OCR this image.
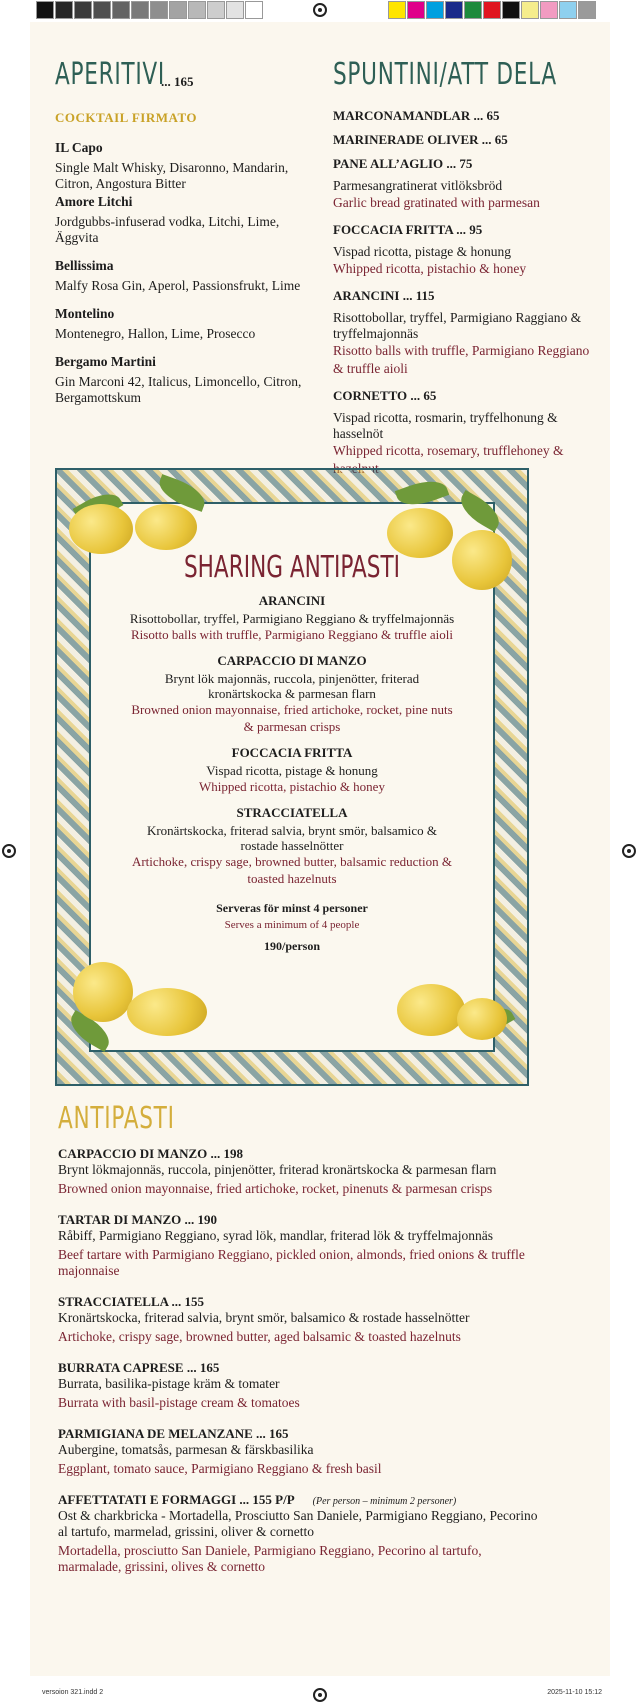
APERITIVI
... 165
COCKTAIL FIRMATO
IL Capo
Single Malt Whisky, Disaronno, Mandarin, Citron, Angostura Bitter
Amore Litchi
Jordgubbs-infuserad vodka, Litchi, Lime, Äggvita
Bellissima
Malfy Rosa Gin, Aperol, Passionsfrukt, Lime
Montelino
Montenegro, Hallon, Lime, Prosecco
Bergamo Martini
Gin Marconi 42, Italicus, Limoncello, Citron, Bergamottskum
SPUNTINI/ATT DELA
MARCONAMANDLAR ... 65
MARINERADE OLIVER ... 65
PANE ALL’AGLIO ... 75
Parmesangratinerat vitlöksbröd
Garlic bread gratinated with parmesan
FOCCACIA FRITTA ... 95
Vispad ricotta, pistage & honung
Whipped ricotta, pistachio & honey
ARANCINI ... 115
Risottobollar, tryffel, Parmigiano Raggiano & tryffelmajonnäs
Risotto balls with truffle, Parmigiano Reggiano & truffle aioli
CORNETTO ... 65
Vispad ricotta, rosmarin, tryffelhonung & hasselnöt
Whipped ricotta, rosemary, trufflehoney &
SHARING ANTIPASTI
ARANCINI
Risottobollar, tryffel, Parmigiano Reggiano & tryffelmajonnäs
Risotto balls with truffle, Parmigiano Reggiano & truffle aioli
CARPACCIO DI MANZO
Brynt lök majonnäs, ruccola, pinjenötter, friterad kronärtskocka & parmesan flarn
Browned onion mayonnaise, fried artichoke, rocket, pine nuts & parmesan crisps
FOCCACIA FRITTA
Vispad ricotta, pistage & honung
Whipped ricotta, pistachio & honey
STRACCIATELLA
Kronärtskocka, friterad salvia, brynt smör, balsamico & rostade hasselnötter
Artichoke, crispy sage, browned butter, balsamic reduction & toasted hazelnuts
Serveras för minst 4 personer
Serves a minimum of 4 people
190/person
ANTIPASTI
CARPACCIO DI MANZO ... 198
Brynt lökmajonnäs, ruccola, pinjenötter, friterad kronärtskocka & parmesan flarn
Browned onion mayonnaise, fried artichoke, rocket, pinenuts & parmesan crisps
TARTAR DI MANZO ... 190
Råbiff, Parmigiano Reggiano, syrad lök, mandlar, friterad lök & tryffelmajonnäs
Beef tartare with Parmigiano Reggiano, pickled onion, almonds, fried onions & truffle majonnaise
STRACCIATELLA ... 155
Kronärtskocka, friterad salvia, brynt smör, balsamico & rostade hasselnötter
Artichoke, crispy sage, browned butter, aged balsamic & toasted hazelnuts
BURRATA CAPRESE ... 165
Burrata, basilika-pistage kräm & tomater
Burrata with basil-pistage cream & tomatoes
PARMIGIANA DE MELANZANE ... 165
Aubergine, tomatsås, parmesan & färskbasilika
Eggplant, tomato sauce, Parmigiano Reggiano & fresh basil
AFFETTATATI E FORMAGGI ... 155 P/P (Per person – minimum 2 personer)
Ost & charkbricka - Mortadella, Prosciutto San Daniele, Parmigiano Reggiano, Pecorino al tartufo, marmelad, grissini, oliver & cornetto
Mortadella, prosciutto San Daniele, Parmigiano Reggiano, Pecorino al tartufo, marmalade, grissini, olives & cornetto
versoion 321.indd 2	2025-11-10 15:12
